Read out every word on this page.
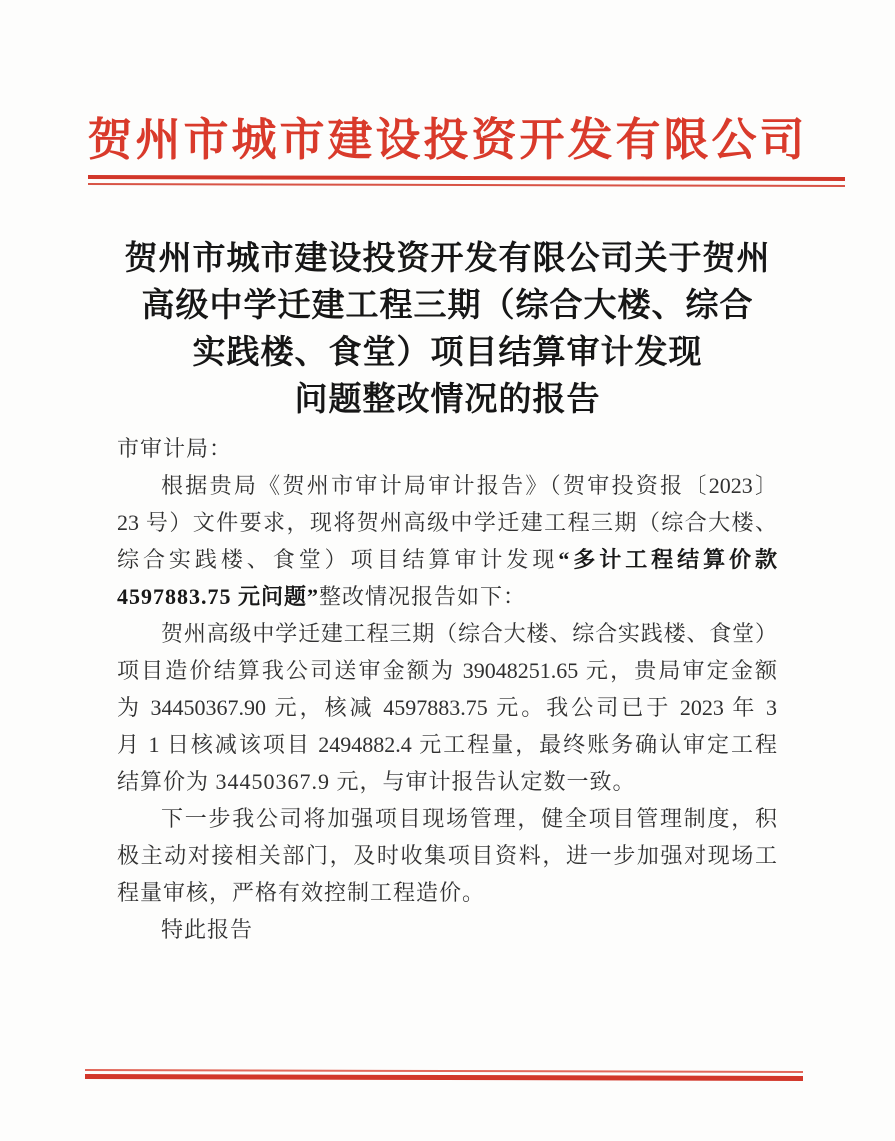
贺州市城市建设投资开发有限公司
贺州市城市建设投资开发有限公司关于贺州
高级中学迁建工程三期（综合大楼、综合
实践楼、食堂）项目结算审计发现
问题整改情况的报告
市审计局：
根据贵局《贺州市审计局审计报告》（贺审投资报〔2023〕
23 号）文件要求，现将贺州高级中学迁建工程三期（综合大楼、
综合实践楼、食堂）项目结算审计发现“多计工程结算价款
4597883.75 元问题”整改情况报告如下：
贺州高级中学迁建工程三期（综合大楼、综合实践楼、食堂）
项目造价结算我公司送审金额为 39048251.65 元，贵局审定金额
为 34450367.90 元，核减 4597883.75 元。我公司已于 2023 年 3
月 1 日核减该项目 2494882.4 元工程量，最终账务确认审定工程
结算价为 34450367.9 元，与审计报告认定数一致。
下一步我公司将加强项目现场管理，健全项目管理制度，积
极主动对接相关部门，及时收集项目资料，进一步加强对现场工
程量审核，严格有效控制工程造价。
特此报告
